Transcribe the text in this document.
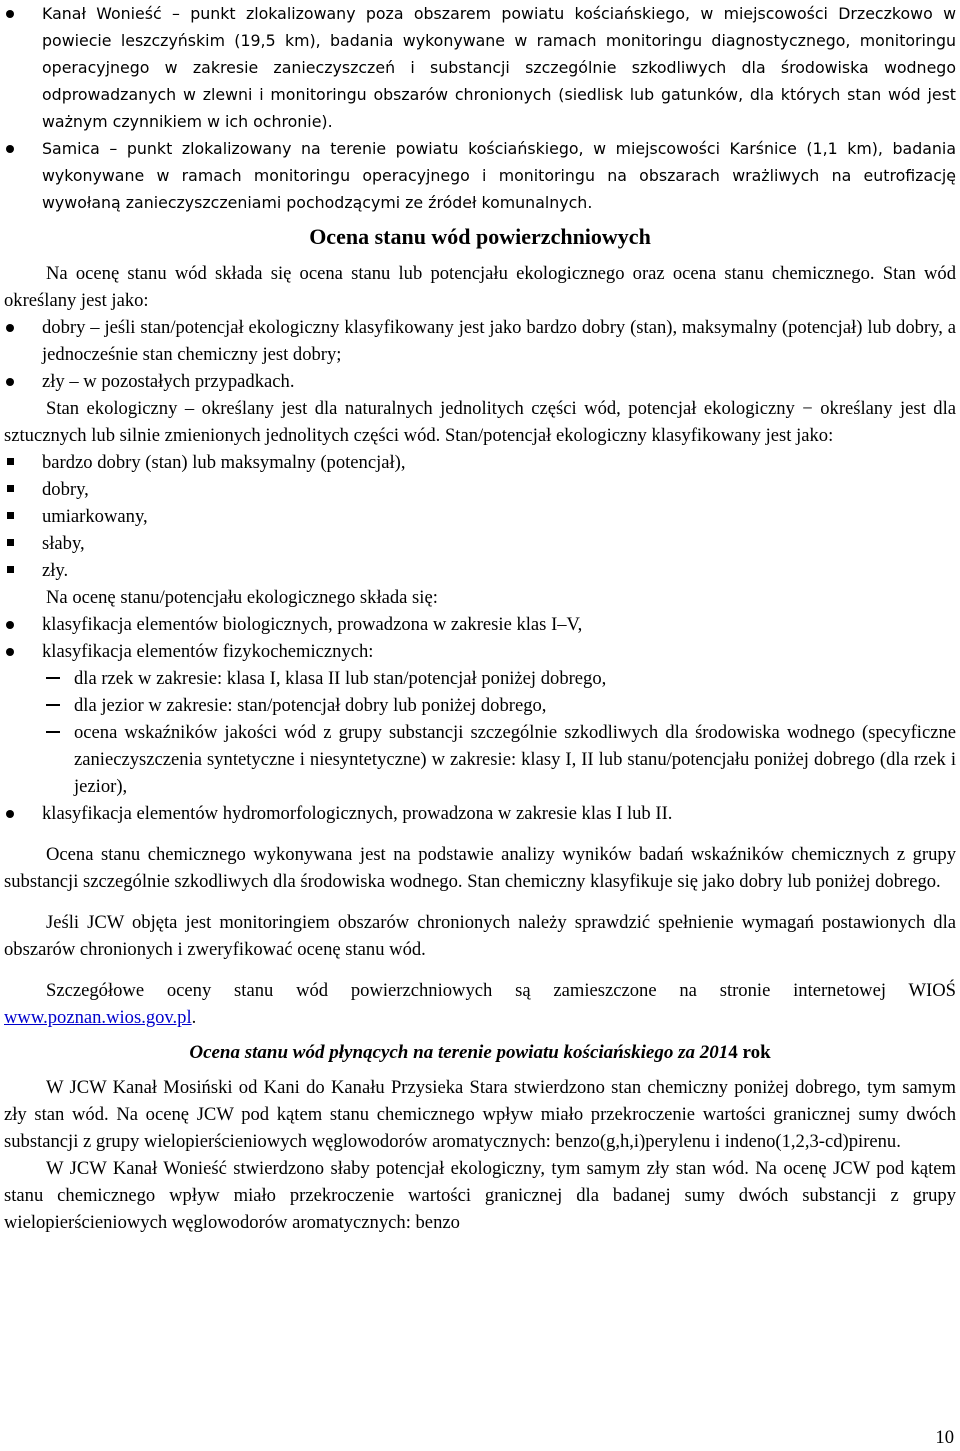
Kanał Wonieść – punkt zlokalizowany poza obszarem powiatu kościańskiego, w miejscowości Drzeczkowo w powiecie leszczyńskim (19,5 km), badania wykonywane w ramach monitoringu diagnostycznego, monitoringu operacyjnego w zakresie zanieczyszczeń i substancji szczególnie szkodliwych dla środowiska wodnego odprowadzanych w zlewni i monitoringu obszarów chronionych (siedlisk lub gatunków, dla których stan wód jest ważnym czynnikiem w ich ochronie).
Samica – punkt zlokalizowany na terenie powiatu kościańskiego, w miejscowości Karśnice (1,1 km), badania wykonywane w ramach monitoringu operacyjnego i monitoringu na obszarach wrażliwych na eutrofizację wywołaną zanieczyszczeniami pochodzącymi ze źródeł komunalnych.
Ocena stanu wód powierzchniowych

Na ocenę stanu wód składa się ocena stanu lub potencjału ekologicznego oraz ocena stanu chemicznego. Stan wód określany jest jako:

dobry – jeśli stan/potencjał ekologiczny klasyfikowany jest jako bardzo dobry (stan), maksymalny (potencjał) lub dobry, a jednocześnie stan chemiczny jest dobry;
zły – w pozostałych przypadkach.

Stan ekologiczny – określany jest dla naturalnych jednolitych części wód, potencjał ekologiczny − określany jest dla sztucznych lub silnie zmienionych jednolitych części wód. Stan/potencjał ekologiczny klasyfikowany jest jako:

bardzo dobry (stan) lub maksymalny (potencjał),
dobry,
umiarkowany,
słaby,
zły.

Na ocenę stanu/potencjału ekologicznego składa się:

klasyfikacja elementów biologicznych, prowadzona w zakresie klas I–V,
klasyfikacja elementów fizykochemicznych:
dla rzek w zakresie: klasa I, klasa II lub stan/potencjał poniżej dobrego,
dla jezior w zakresie: stan/potencjał dobry lub poniżej dobrego,
ocena wskaźników jakości wód z grupy substancji szczególnie szkodliwych dla środowiska wodnego (specyficzne zanieczyszczenia syntetyczne i niesyntetyczne) w zakresie: klasy I, II lub stanu/potencjału poniżej dobrego (dla rzek i jezior),
klasyfikacja elementów hydromorfologicznych, prowadzona w zakresie klas I lub II.

Ocena stanu chemicznego wykonywana jest na podstawie analizy wyników badań wskaźników chemicznych z grupy substancji szczególnie szkodliwych dla środowiska wodnego. Stan chemiczny klasyfikuje się jako dobry lub poniżej dobrego.

Jeśli JCW objęta jest monitoringiem obszarów chronionych należy sprawdzić spełnienie wymagań postawionych dla obszarów chronionych i zweryfikować ocenę stanu wód.

Szczegółowe oceny stanu wód powierzchniowych są zamieszczone na stronie internetowej WIOŚ www.poznan.wios.gov.pl.

Ocena stanu wód płynących na terenie powiatu kościańskiego za 2014 rok

W JCW Kanał Mosiński od Kani do Kanału Przysieka Stara stwierdzono stan chemiczny poniżej dobrego, tym samym zły stan wód. Na ocenę JCW pod kątem stanu chemicznego wpływ miało przekroczenie wartości granicznej sumy dwóch substancji z grupy wielopierścieniowych węglowodorów aromatycznych: benzo(g,h,i)perylenu i indeno(1,2,3-cd)pirenu.

W JCW Kanał Wonieść stwierdzono słaby potencjał ekologiczny, tym samym zły stan wód. Na ocenę JCW pod kątem stanu chemicznego wpływ miało przekroczenie wartości granicznej dla badanej sumy dwóch substancji z grupy wielopierścieniowych węglowodorów aromatycznych: benzo

10
